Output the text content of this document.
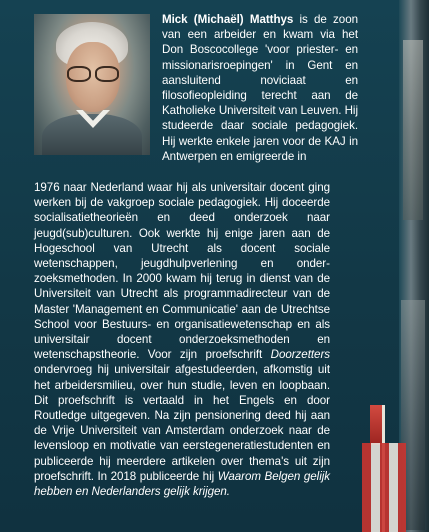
Mick (Michaël) Matthys is de zoon van een arbeider en kwam via het Don Boscocollege 'voor priester- en missionarisroepingen' in Gent en aansluitend noviciaat en filosofieopleiding terecht aan de Katholieke Universiteit van Leuven. Hij studeerde daar sociale pedagogiek. Hij werkte enkele jaren voor de KAJ in Antwerpen en emigreerde in

1976 naar Nederland waar hij als universitair docent ging werken bij de vakgroep sociale pedagogiek. Hij doceerde socialisatietheorieën en deed onderzoek naar jeugd(sub)culturen. Ook werkte hij enige jaren aan de Hogeschool van Utrecht als docent sociale wetenschappen, jeugdhulpverlening en onderzoeksmethoden. In 2000 kwam hij terug in dienst van de Universiteit van Utrecht als programmadirecteur van de Master 'Management en Communicatie' aan de Utrechtse School voor Bestuurs- en organisatiewetenschap en als universitair docent onderzoeksmethoden en wetenschapstheorie. Voor zijn proefschrift Doorzetters ondervroeg hij universitair afgestudeerden, afkomstig uit het arbeidersmilieu, over hun studie, leven en loopbaan. Dit proefschrift is vertaald in het Engels en door Routledge uitgegeven. Na zijn pensionering deed hij aan de Vrije Universiteit van Amsterdam onderzoek naar de levensloop en motivatie van eerstegeneratiestudenten en publiceerde hij meerdere artikelen over thema's uit zijn proefschrift. In 2018 publiceerde hij Waarom Belgen gelijk hebben en Nederlanders gelijk krijgen.
